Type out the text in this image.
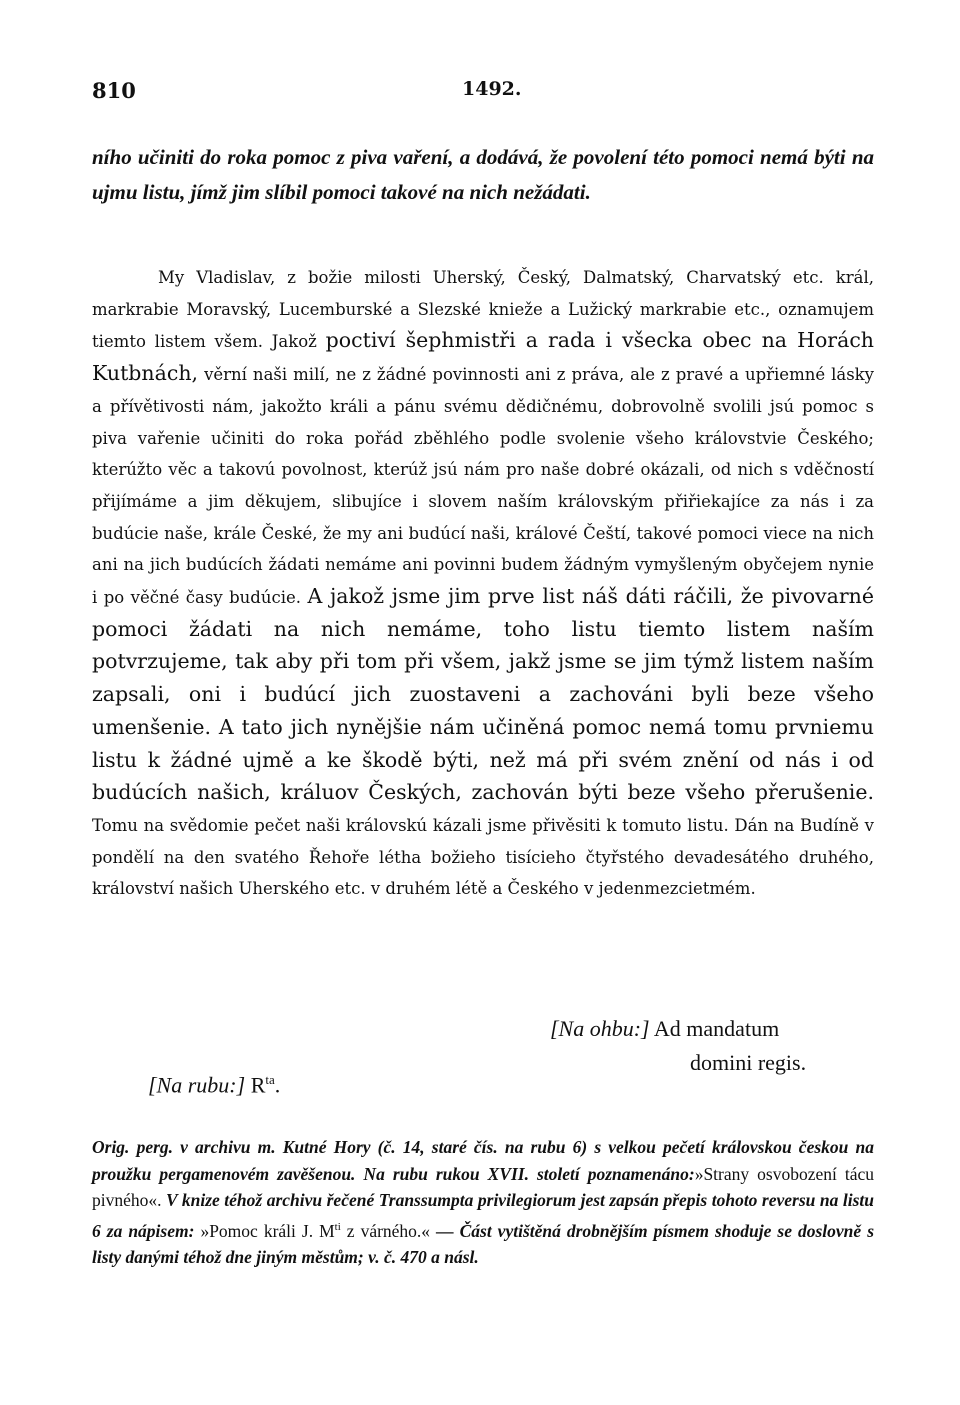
810	1492.

ního učiniti do roka pomoc z piva vaření, a dodává, že povolení této pomoci nemá býti na ujmu listu, jímž jim slíbil pomoci takové na nich nežádati.

My Vladislav, z božie milosti Uherský, Český, Dalmatský, Charvatský etc. král, markrabie Moravský, Lucemburské a Slezské knieže a Lužický markrabie etc., oznamujem tiemto listem všem. Jakož poctiví šephmistři a rada i všecka obec na Horách Kutbnách, věrní naši milí, ne z žádné povinnosti ani z práva, ale z pravé a upřiemné lásky a přívětivosti nám, jakožto králi a pánu svému dědičnému, dobrovolně svolili jsú pomoc s piva vařenie učiniti do roka pořád zběhlého podle svolenie všeho královstvie Českého; kterúžto věc a takovú povolnost, kterúž jsú nám pro naše dobré okázali, od nich s vděčností přijímáme a jim děkujem, slibujíce i slovem naším královským přiřiekajíce za nás i za budúcie naše, krále České, že my ani budúcí naši, králové Čeští, takové pomoci viece na nich ani na jich budúcích žádati nemáme ani povinni budem žádným vymyšleným obyčejem nynie i po věčné časy budúcie. A jakož jsme jim prve list náš dáti ráčili, že pivovarné pomoci žádati na nich nemáme, toho listu tiemto listem naším potvrzujeme, tak aby při tom při všem, jakž jsme se jim týmž listem naším zapsali, oni i budúcí jich zuostaveni a zachováni byli beze všeho umenšenie. A tato jich nynějšie nám učiněná pomoc nemá tomu prvniemu listu k žádné ujmě a ke škodě býti, než má při svém znění od nás i od budúcích našich, králuov Českých, zachován býti beze všeho přerušenie. Tomu na svědomie pečet naši královskú kázali jsme přivěsiti k tomuto listu. Dán na Budíně v pondělí na den svatého Řehoře létha božieho tisícieho čtyřstého devadesátého druhého, království našich Uherského etc. v druhém létě a Českého v jedenmezcietmém.

[Na ohbu:] Ad mandatum
domini regis.
[Na rubu:] $R^{ta}$.

Orig. perg. v archivu m. Kutné Hory (č. 14, staré čís. na rubu 6) s velkou pečetí královskou českou na proužku pergamenovém zavěšenou. Na rubu rukou XVII. století poznamenáno:»Strany osvobození tácu pivného«. V knize téhož archivu řečené Transsumpta privilegiorum jest zapsán přepis tohoto reversu na listu 6 za nápisem: »Pomoc králi J. $M^{ti}$ z várného.« — Část vytištěná drobnějším písmem shoduje se doslovně s listy danými téhož dne jiným městům; v. č. 470 a násl.
